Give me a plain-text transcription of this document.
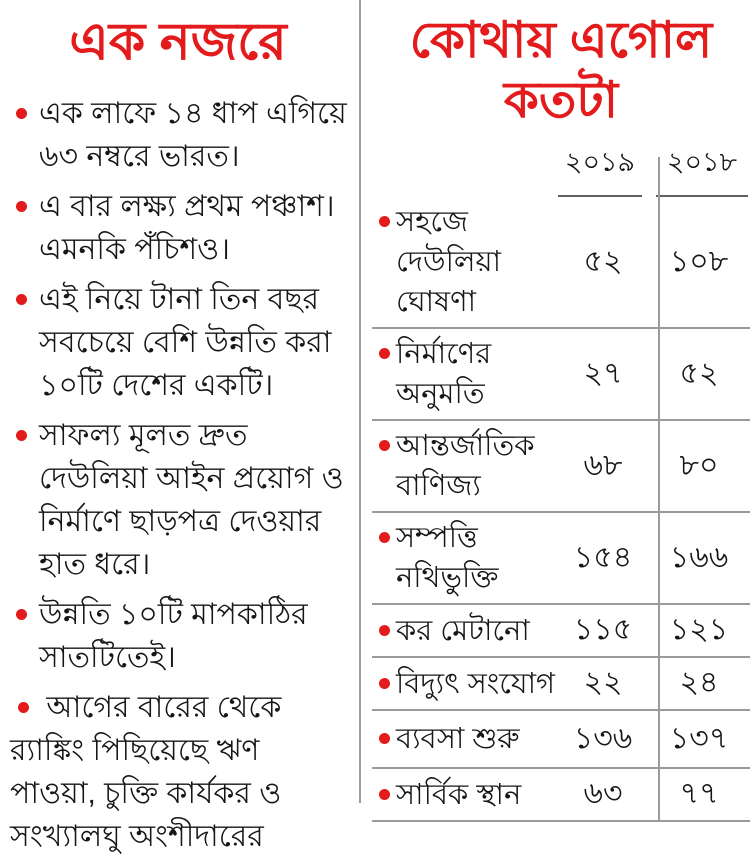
এক নজরে
এক লাফে ১৪ ধাপ এগিয়ে ৬৩ নম্বরে ভারত।
এ বার লক্ষ্য প্রথম পঞ্চাশ। এমনকি পঁচিশও।
এই নিয়ে টানা তিন বছর সবচেয়ে বেশি উন্নতি করা ১০টি দেশের একটি।
সাফল্য মূলত দ্রুত দেউলিয়া আইন প্রয়োগ ও নির্মাণে ছাড়পত্র দেওয়ার হাত ধরে।
উন্নতি ১০টি মাপকাঠির সাতটিতেই।
আগের বারের থেকে র‍্যাঙ্কিং পিছিয়েছে ঋণ পাওয়া, চুক্তি কার্যকর ও সংখ্যালঘু অংশীদারের
কোথায় এগোল
কতটা
২০১৯	২০১৮
সহজে দেউলিয়া ঘোষণা
৫২	১০৮
নির্মাণের অনুমতি
২৭	৫২
আন্তর্জাতিক বাণিজ্য
৬৮	৮০
সম্পত্তি নথিভুক্তি
১৫৪	১৬৬
কর মেটানো	১১৫	১২১
বিদ্যুৎ সংযোগ ২২	২৪
ব্যবসা শুরু	১৩৬	১৩৭
সার্বিক স্থান	৬৩	৭৭
